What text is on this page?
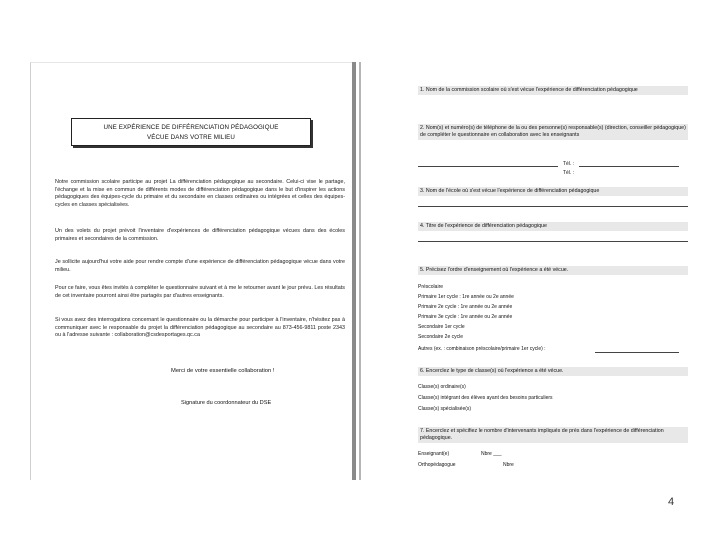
UNE EXPÉRIENCE DE DIFFÉRENCIATION PÉDAGOGIQUE
VÉCUE DANS VOTRE MILIEU

Notre commission scolaire participe au projet La différenciation pédagogique au secondaire. Celui-ci vise le partage, l'échange et la mise en commun de différents modes de différenciation pédagogique dans le but d'inspirer les actions pédagogiques des équipes-cycle du primaire et du secondaire en classes ordinaires ou intégrées et celles des équipes-cycles en classes spécialisées.

Un des volets du projet prévoit l'inventaire d'expériences de différenciation pédagogique vécues dans des écoles primaires et secondaires de la commission.

Je sollicite aujourd'hui votre aide pour rendre compte d'une expérience de différenciation pédagogique vécue dans votre milieu.

Pour ce faire, vous êtes invités à compléter le questionnaire suivant et à me le retourner avant le jour prévu. Les résultats de cet inventaire pourront ainsi être partagés par d'autres enseignants.

Si vous avez des interrogations concernant le questionnaire ou la démarche pour participer à l'inventaire, n'hésitez pas à communiquer avec le responsable du projet la différenciation pédagogique au secondaire au 873-456-9811 poste 2343 ou à l'adresse suivante : collaboration@csdesportages.qc.ca

Merci de votre essentielle collaboration !
Signature du coordonnateur du DSE
1. Nom de la commission scolaire où s'est vécue l'expérience de différenciation pédagogique
2. Nom(s) et numéro(s) de téléphone de la ou des personne(s) responsable(s) (direction, conseiller pédagogique) de compléter le questionnaire en collaboration avec les enseignants
Tél. :
Tél. :
3. Nom de l'école où s'est vécue l'expérience de différenciation pédagogique
4. Titre de l'expérience de différenciation pédagogique
5. Précisez l'ordre d'enseignement où l'expérience a été vécue.
Préscolaire
Primaire 1er cycle : 1re année ou 2e année
Primaire 2e cycle : 1re année ou 2e année
Primaire 3e cycle : 1re année ou 2e année
Secondaire 1er cycle
Secondaire 2e cycle
Autres (ex. : combinaison préscolaire/primaire 1er cycle) :
6. Encerclez le type de classe(s) où l'expérience a été vécue.
Classe(s) ordinaire(s)
Classe(s) intégrant des élèves ayant des besoins particuliers
Classe(s) spécialisée(s)
7. Encerclez et spécifiez le nombre d'intervenants impliqués de près dans l'expérience de différenciation pédagogique.
Enseignant(e)	Nbre ___
Orthopédagogue	Nbre
4
